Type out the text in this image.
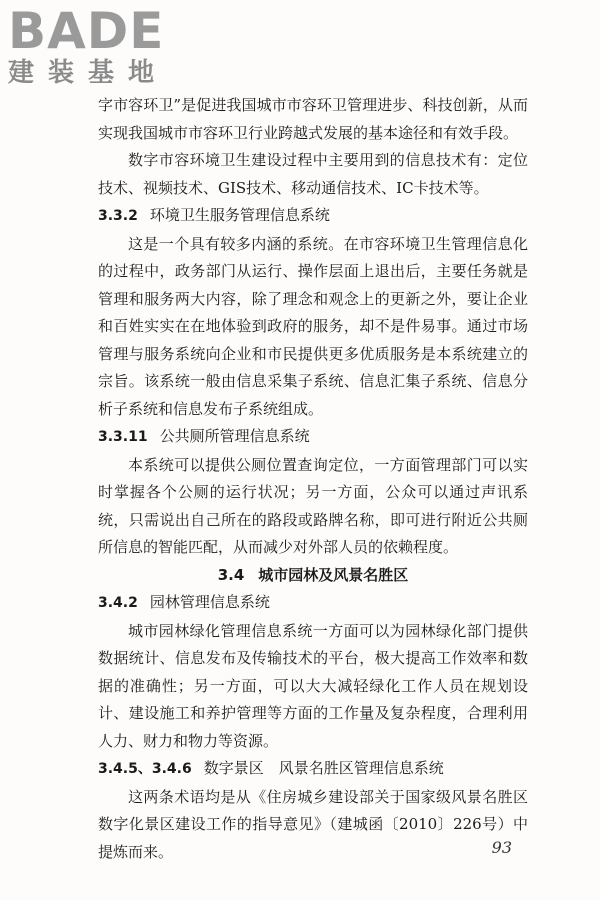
BADE
建装基地

字市容环卫”是促进我国城市市容环卫管理进步、科技创新，从而实现我国城市市容环卫行业跨越式发展的基本途径和有效手段。

数字市容环境卫生建设过程中主要用到的信息技术有：定位技术、视频技术、GIS技术、移动通信技术、IC卡技术等。

3.3.2 环境卫生服务管理信息系统

这是一个具有较多内涵的系统。在市容环境卫生管理信息化的过程中，政务部门从运行、操作层面上退出后，主要任务就是管理和服务两大内容，除了理念和观念上的更新之外，要让企业和百姓实实在在地体验到政府的服务，却不是件易事。通过市场管理与服务系统向企业和市民提供更多优质服务是本系统建立的宗旨。该系统一般由信息采集子系统、信息汇集子系统、信息分析子系统和信息发布子系统组成。

3.3.11 公共厕所管理信息系统

本系统可以提供公厕位置查询定位，一方面管理部门可以实时掌握各个公厕的运行状况；另一方面，公众可以通过声讯系统，只需说出自己所在的路段或路牌名称，即可进行附近公共厕所信息的智能匹配，从而减少对外部人员的依赖程度。

3.4 城市园林及风景名胜区

3.4.2 园林管理信息系统

城市园林绿化管理信息系统一方面可以为园林绿化部门提供数据统计、信息发布及传输技术的平台，极大提高工作效率和数据的准确性；另一方面，可以大大减轻绿化工作人员在规划设计、建设施工和养护管理等方面的工作量及复杂程度，合理利用人力、财力和物力等资源。

3.4.5、3.4.6 数字景区　风景名胜区管理信息系统

这两条术语均是从《住房城乡建设部关于国家级风景名胜区数字化景区建设工作的指导意见》（建城函〔2010〕226号）中提炼而来。	93
